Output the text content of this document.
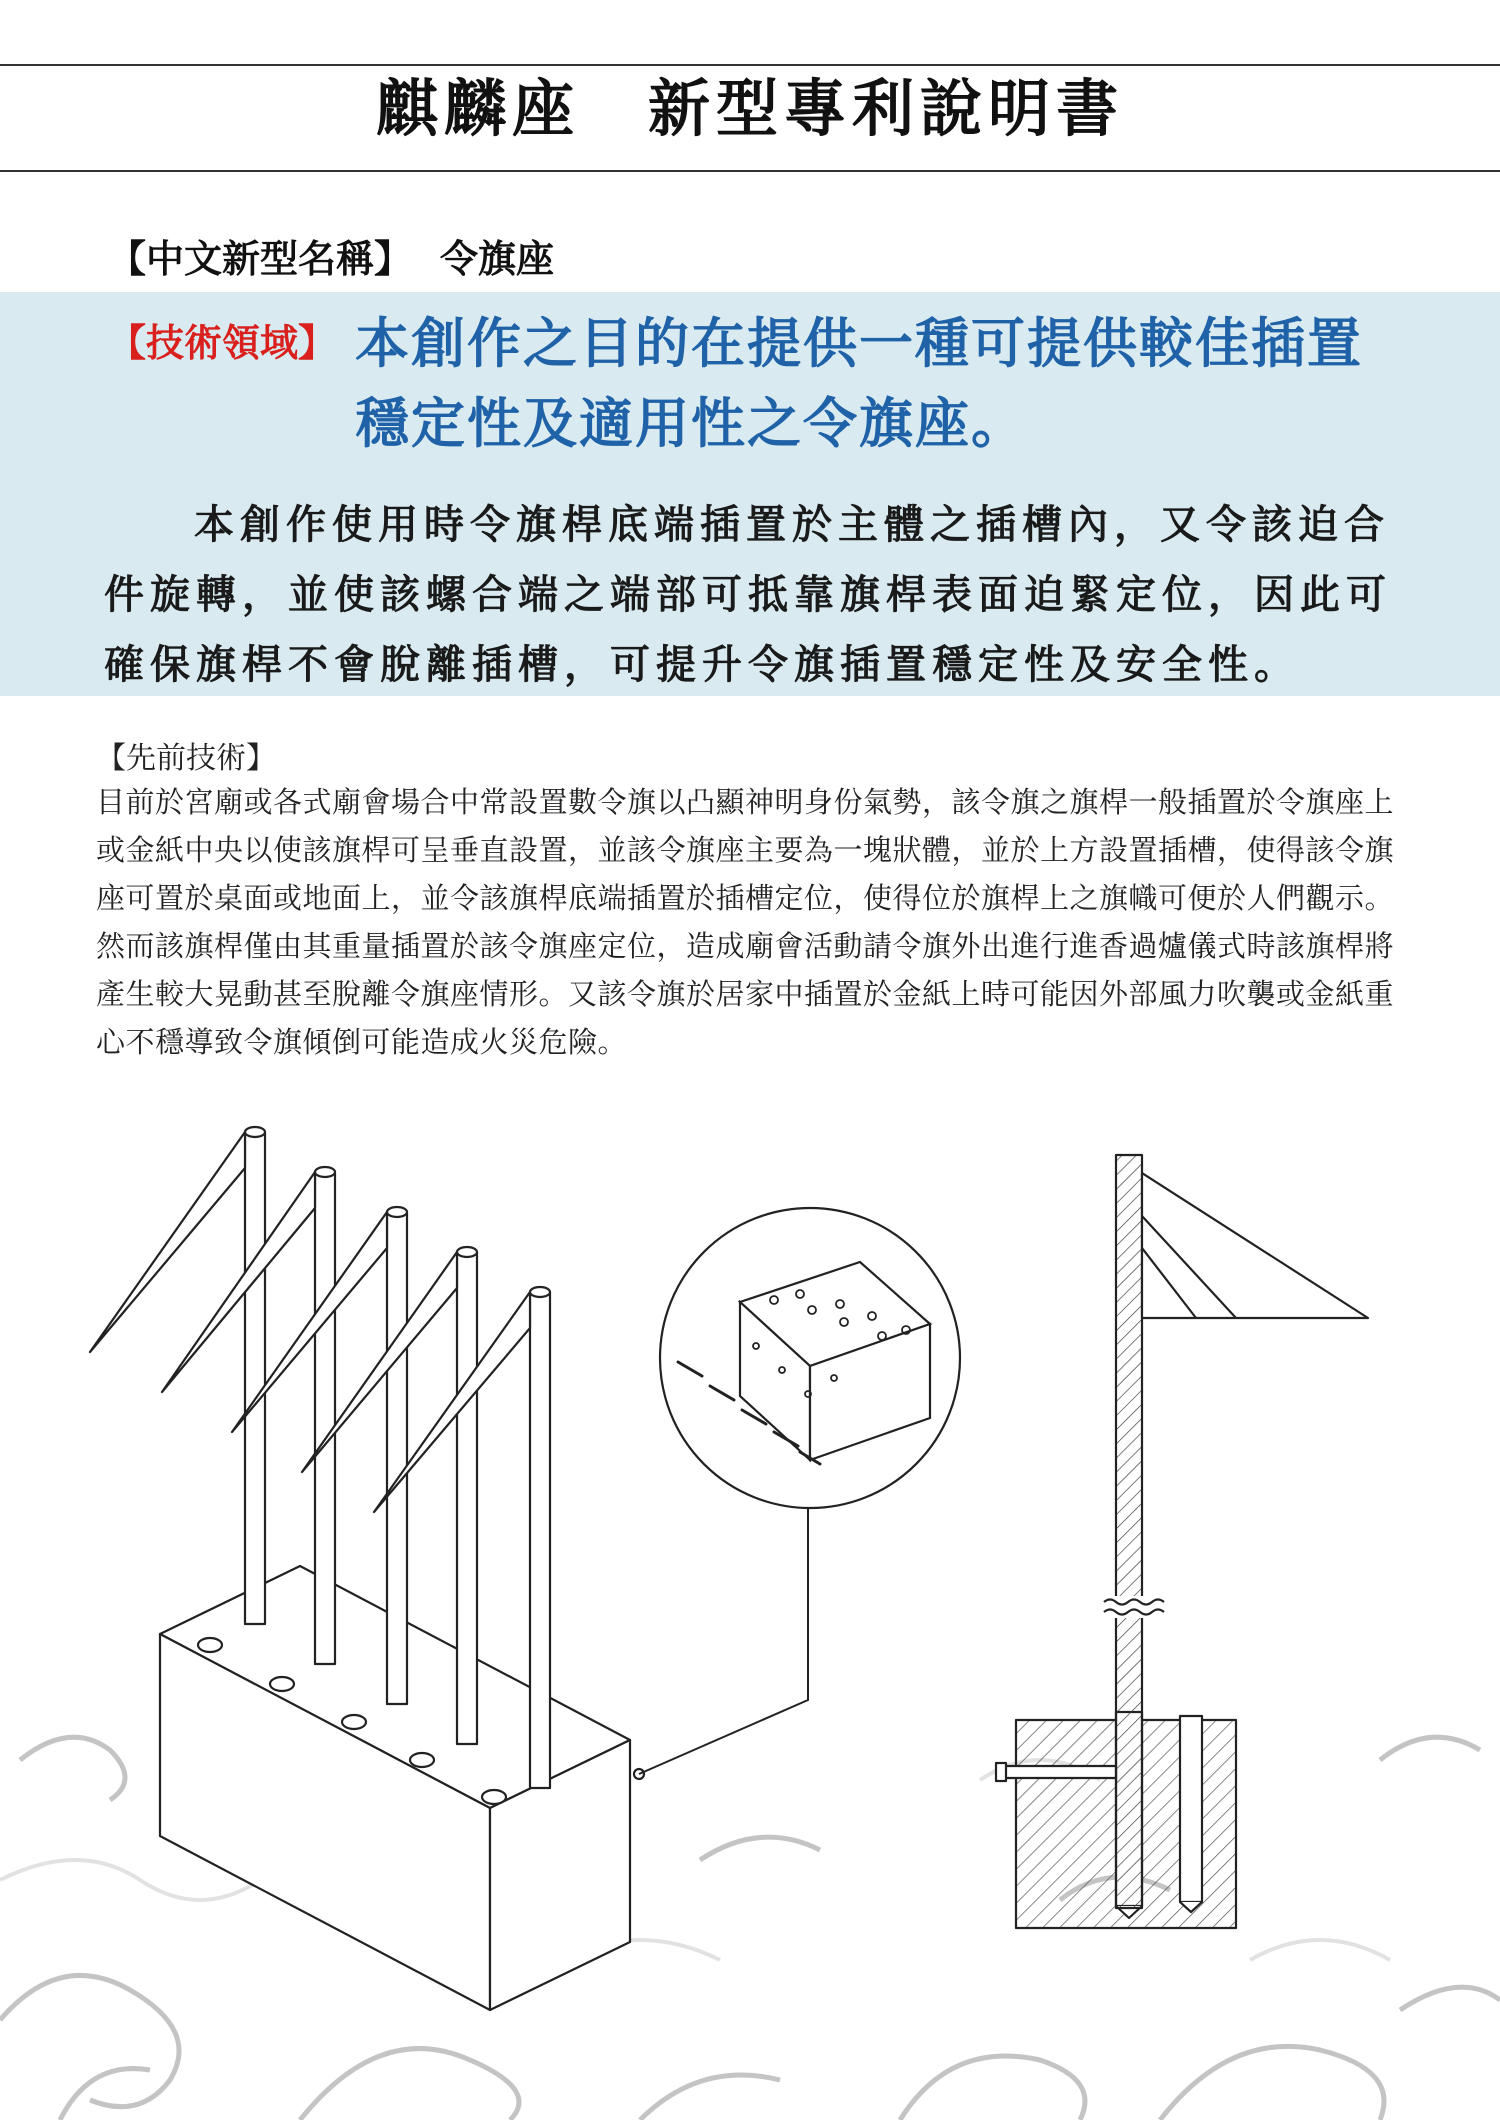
麒麟座　新型專利說明書
【中文新型名稱】 令旗座
【技術領域】 本創作之目的在提供一種可提供較佳插置
穩定性及適用性之令旗座。
本創作使用時令旗桿底端插置於主體之插槽內，又令該迫合件旋轉，並使該螺合端之端部可抵靠旗桿表面迫緊定位，因此可確保旗桿不會脫離插槽，可提升令旗插置穩定性及安全性。
【先前技術】
目前於宮廟或各式廟會場合中常設置數令旗以凸顯神明身份氣勢，該令旗之旗桿一般插置於令旗座上或金紙中央以使該旗桿可呈垂直設置，並該令旗座主要為一塊狀體，並於上方設置插槽，使得該令旗座可置於桌面或地面上，並令該旗桿底端插置於插槽定位，使得位於旗桿上之旗幟可便於人們觀示。然而該旗桿僅由其重量插置於該令旗座定位，造成廟會活動請令旗外出進行進香過爐儀式時該旗桿將產生較大晃動甚至脫離令旗座情形。又該令旗於居家中插置於金紙上時可能因外部風力吹襲或金紙重心不穩導致令旗傾倒可能造成火災危險。
